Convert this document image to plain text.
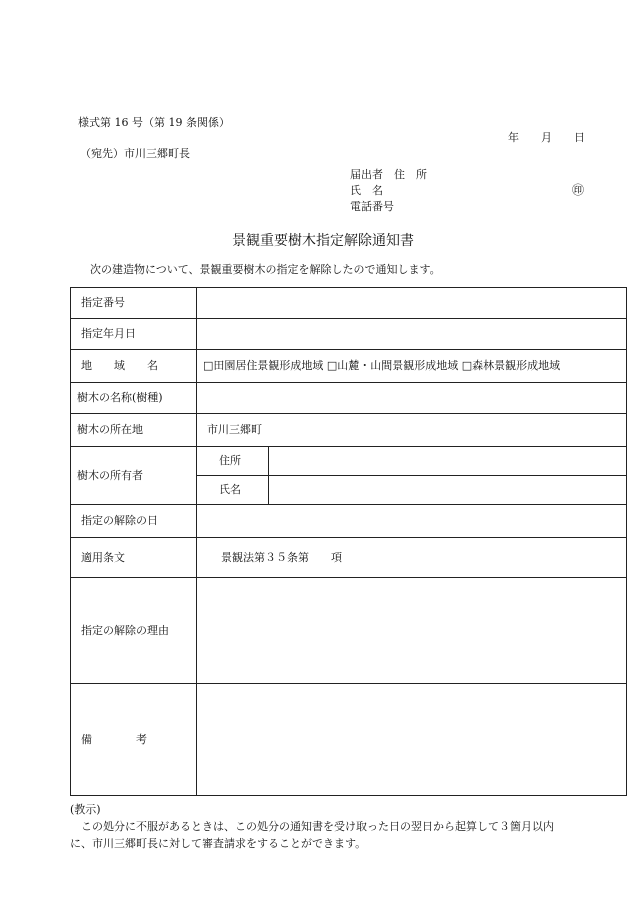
様式第 16 号（第 19 条関係）
年　　月　　日
（宛先）市川三郷町長
届出者　住　所
氏　名	㊞
電話番号
景観重要樹木指定解除通知書
次の建造物について、景観重要樹木の指定を解除したので通知します。
指定番号		
指定年月日		
地　　域　　名	□田園居住景観形成地域 □山麓・山間景観形成地域 □森林景観形成地域	
樹木の名称(樹種)		
樹木の所在地	市川三郷町	
樹木の所有者	住所	
	氏名	
指定の解除の日		
適用条文	景観法第３５条第　　項	
指定の解除の理由		
備　　　　考		

(教示)

　この処分に不服があるときは、この処分の通知書を受け取った日の翌日から起算して３箇月以内

に、市川三郷町長に対して審査請求をすることができます。
